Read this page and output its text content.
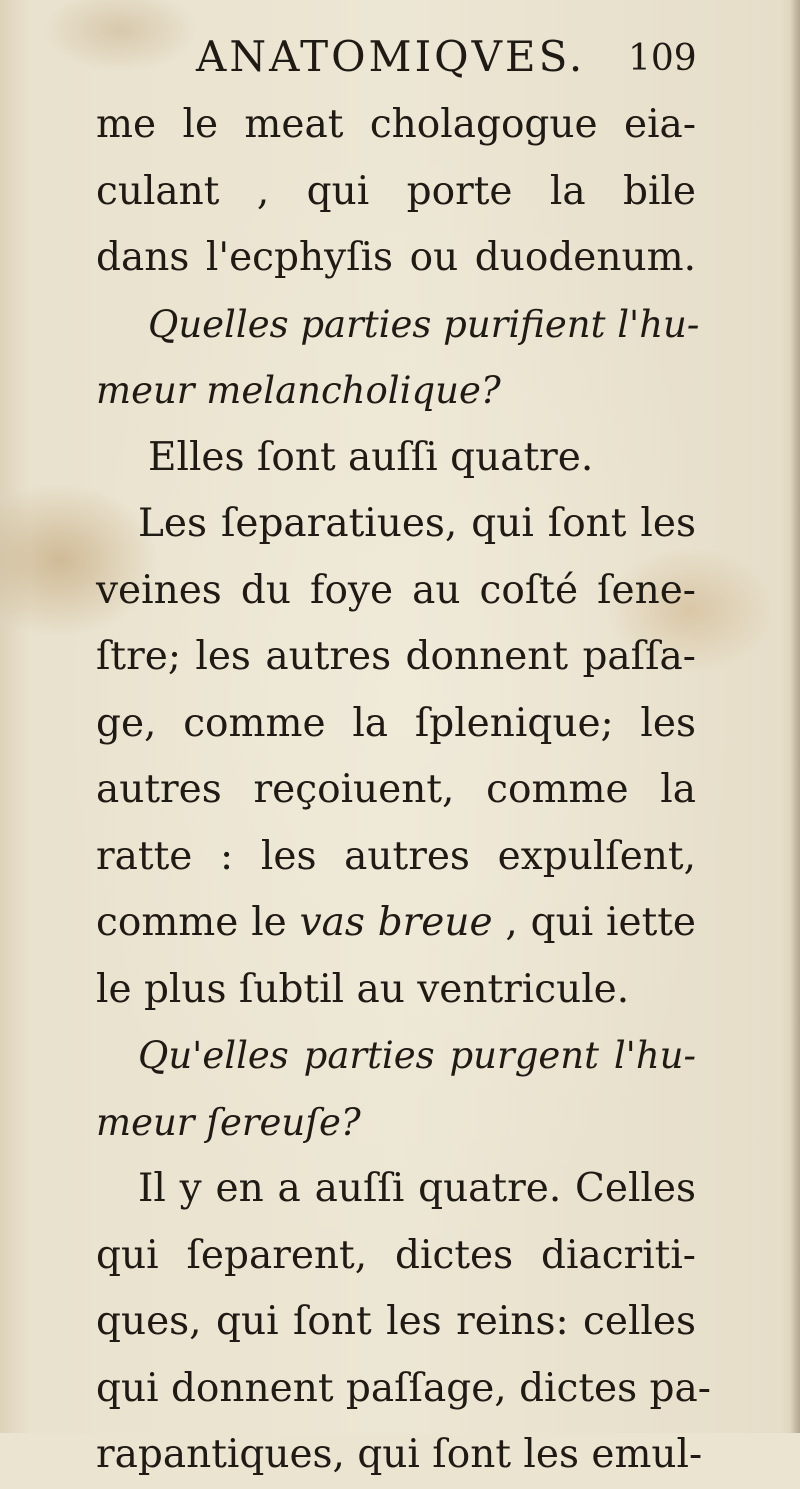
ANATOMIQVES. 109
me le meat cholagogue eia-
culant , qui porte la bile
dans l'ecphyſis ou duodenum.
Quelles parties purifient l'hu-
meur melancholique?
Elles ſont auſſi quatre.
Les ſeparatiues, qui ſont les
veines du foye au coſté ſene-
ſtre; les autres donnent paſſa-
ge, comme la ſplenique; les
autres reçoiuent, comme la
ratte : les autres expulſent,
comme le vas breue , qui iette
le plus ſubtil au ventricule.
Qu'elles parties purgent l'hu-
meur ſereuſe?
Il y en a auſſi quatre. Celles
qui ſeparent, dictes diacriti-
ques, qui ſont les reins: celles
qui donnent paſſage, dictes pa-
rapantiques, qui ſont les emul-
